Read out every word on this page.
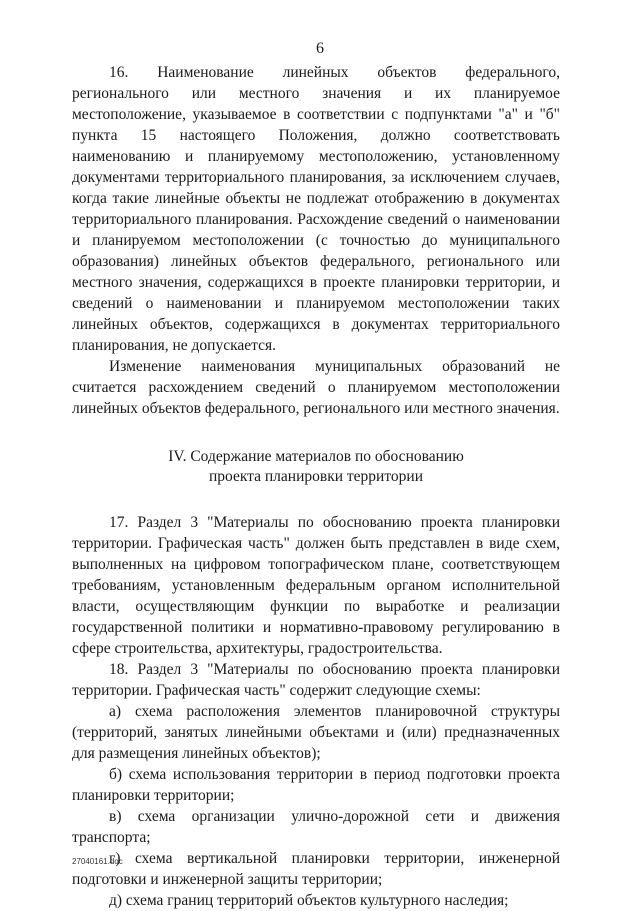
6

16. Наименование линейных объектов федерального, регионального или местного значения и их планируемое местоположение, указываемое в соответствии с подпунктами "а" и "б" пункта 15 настоящего Положения, должно соответствовать наименованию и планируемому местоположению, установленному документами территориального планирования, за исключением случаев, когда такие линейные объекты не подлежат отображению в документах территориального планирования. Расхождение сведений о наименовании и планируемом местоположении (с точностью до муниципального образования) линейных объектов федерального, регионального или местного значения, содержащихся в проекте планировки территории, и сведений о наименовании и планируемом местоположении таких линейных объектов, содержащихся в документах территориального планирования, не допускается.

Изменение наименования муниципальных образований не считается расхождением сведений о планируемом местоположении линейных объектов федерального, регионального или местного значения.

IV. Содержание материалов по обоснованию
проекта планировки территории

17. Раздел 3 "Материалы по обоснованию проекта планировки территории. Графическая часть" должен быть представлен в виде схем, выполненных на цифровом топографическом плане, соответствующем требованиям, установленным федеральным органом исполнительной власти, осуществляющим функции по выработке и реализации государственной политики и нормативно-правовому регулированию в сфере строительства, архитектуры, градостроительства.

18. Раздел 3 "Материалы по обоснованию проекта планировки территории. Графическая часть" содержит следующие схемы:

а) схема расположения элементов планировочной структуры (территорий, занятых линейными объектами и (или) предназначенных для размещения линейных объектов);

б) схема использования территории в период подготовки проекта планировки территории;

в) схема организации улично-дорожной сети и движения транспорта;

г) схема вертикальной планировки территории, инженерной подготовки и инженерной защиты территории;

д) схема границ территорий объектов культурного наследия;

27040161.doc
